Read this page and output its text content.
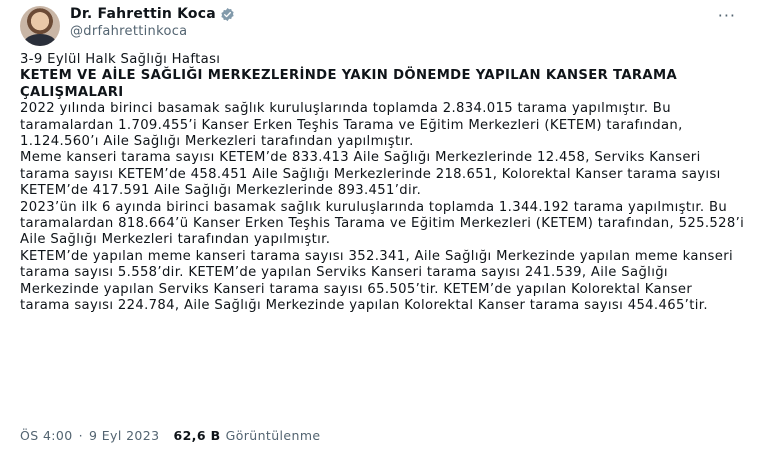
Dr. Fahrettin Koca
@drfahrettinkoca
···

3-9 Eylül Halk Sağlığı Haftası

KETEM VE AİLE SAĞLIĞI MERKEZLERİNDE YAKIN DÖNEMDE YAPILAN KANSER TARAMA ÇALIŞMALARI

2022 yılında birinci basamak sağlık kuruluşlarında toplamda 2.834.015 tarama yapılmıştır. Bu taramalardan 1.709.455’i Kanser Erken Teşhis Tarama ve Eğitim Merkezleri (KETEM) tarafından, 1.124.560’ı Aile Sağlığı Merkezleri tarafından yapılmıştır.

Meme kanseri tarama sayısı KETEM’de 833.413 Aile Sağlığı Merkezlerinde 12.458, Serviks Kanseri tarama sayısı KETEM’de 458.451 Aile Sağlığı Merkezlerinde 218.651, Kolorektal Kanser tarama sayısı KETEM’de 417.591 Aile Sağlığı Merkezlerinde 893.451’dir.

2023’ün ilk 6 ayında birinci basamak sağlık kuruluşlarında toplamda 1.344.192 tarama yapılmıştır. Bu taramalardan 818.664’ü Kanser Erken Teşhis Tarama ve Eğitim Merkezleri (KETEM) tarafından, 525.528’i Aile Sağlığı Merkezleri tarafından yapılmıştır.

KETEM’de yapılan meme kanseri tarama sayısı 352.341, Aile Sağlığı Merkezinde yapılan meme kanseri tarama sayısı 5.558’dir. KETEM’de yapılan Serviks Kanseri tarama sayısı 241.539, Aile Sağlığı Merkezinde yapılan Serviks Kanseri tarama sayısı 65.505’tir. KETEM’de yapılan Kolorektal Kanser tarama sayısı 224.784, Aile Sağlığı Merkezinde yapılan Kolorektal Kanser tarama sayısı 454.465’tir.

ÖS 4:00 · 9 Eyl 2023 62,6 B Görüntülenme
